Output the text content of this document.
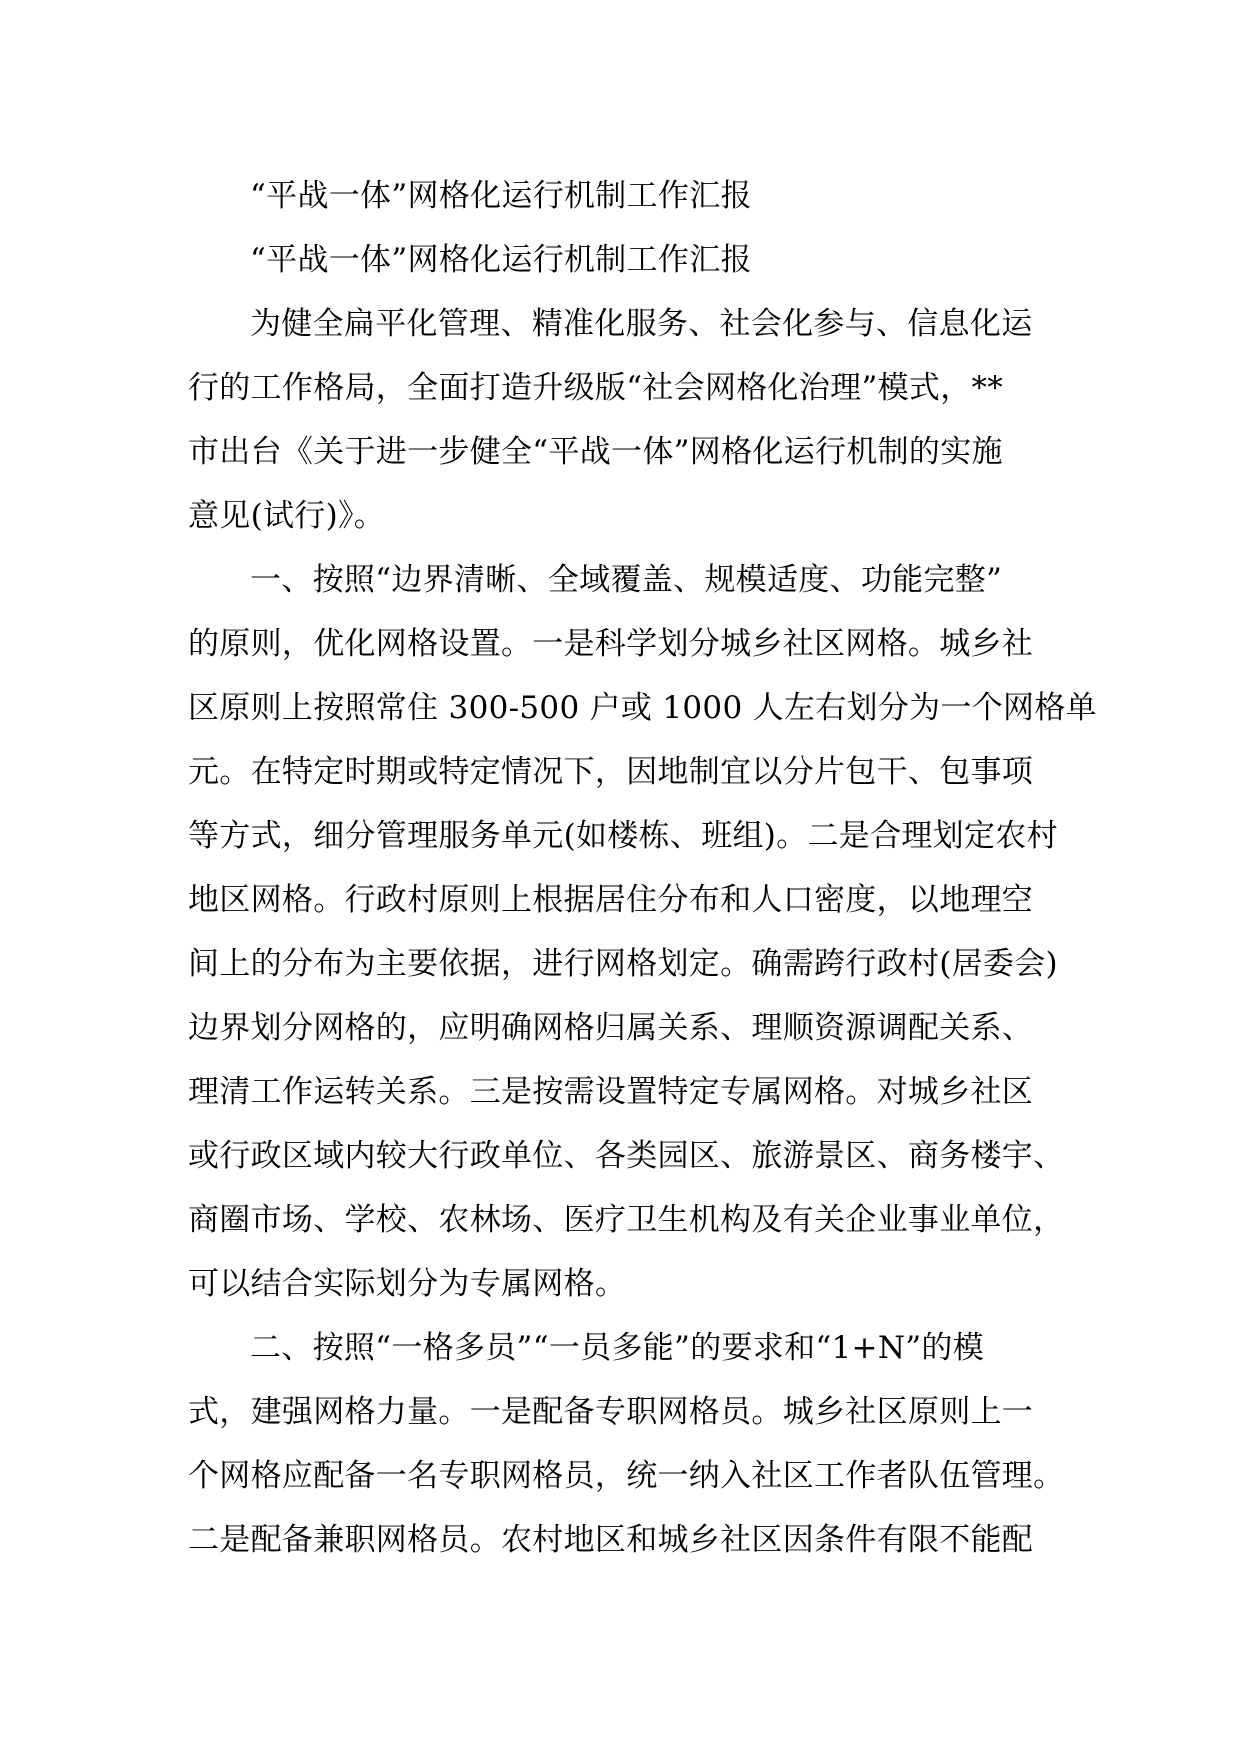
“平战一体”网格化运行机制工作汇报
“平战一体”网格化运行机制工作汇报
为健全扁平化管理、精准化服务、社会化参与、信息化运
行的工作格局，全面打造升级版“社会网格化治理”模式，**
市出台《关于进一步健全“平战一体”网格化运行机制的实施
意见(试行)》。
一、按照“边界清晰、全域覆盖、规模适度、功能完整”
的原则，优化网格设置。一是科学划分城乡社区网格。城乡社
区原则上按照常住 300-500 户或 1000 人左右划分为一个网格单
元。在特定时期或特定情况下，因地制宜以分片包干、包事项
等方式，细分管理服务单元(如楼栋、班组)。二是合理划定农村
地区网格。行政村原则上根据居住分布和人口密度，以地理空
间上的分布为主要依据，进行网格划定。确需跨行政村(居委会)
边界划分网格的，应明确网格归属关系、理顺资源调配关系、
理清工作运转关系。三是按需设置特定专属网格。对城乡社区
或行政区域内较大行政单位、各类园区、旅游景区、商务楼宇、
商圈市场、学校、农林场、医疗卫生机构及有关企业事业单位，
可以结合实际划分为专属网格。
二、按照“一格多员”“一员多能”的要求和“1+N”的模
式，建强网格力量。一是配备专职网格员。城乡社区原则上一
个网格应配备一名专职网格员，统一纳入社区工作者队伍管理。
二是配备兼职网格员。农村地区和城乡社区因条件有限不能配
